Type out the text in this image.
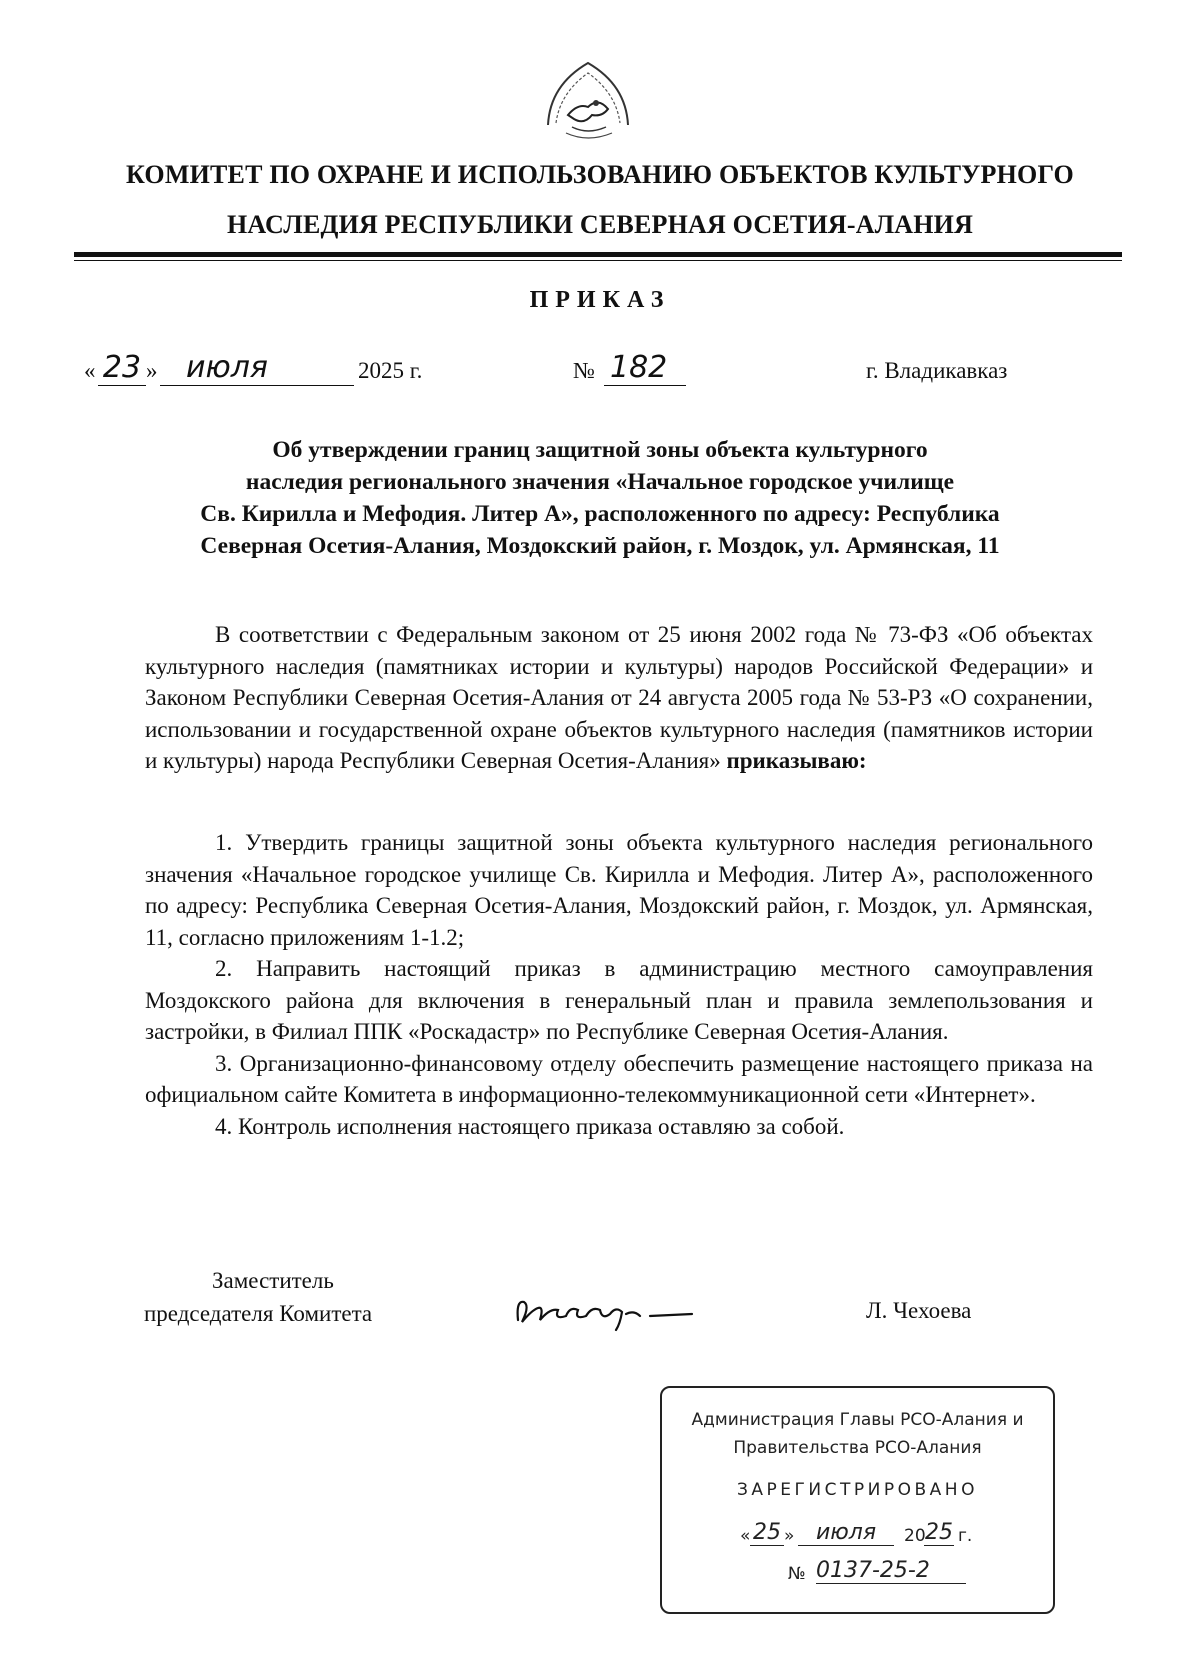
КОМИТЕТ ПО ОХРАНЕ И ИСПОЛЬЗОВАНИЮ ОБЪЕКТОВ КУЛЬТУРНОГО
НАСЛЕДИЯ РЕСПУБЛИКИ СЕВЕРНАЯ ОСЕТИЯ-АЛАНИЯ
ПРИКАЗ
« 23 » июля	2025 г.	№ 182	г. Владикавказ
Об утверждении границ защитной зоны объекта культурного
наследия регионального значения «Начальное городское училище
Св. Кирилла и Мефодия. Литер А», расположенного по адресу: Республика
Северная Осетия-Алания, Моздокский район, г. Моздок, ул. Армянская, 11
В соответствии с Федеральным законом от 25 июня 2002 года № 73-ФЗ «Об объектах культурного наследия (памятниках истории и культуры) народов Российской Федерации» и Законом Республики Северная Осетия-Алания от 24 августа 2005 года № 53-РЗ «О сохранении, использовании и государственной охране объектов культурного наследия (памятников истории и культуры) народа Республики Северная Осетия-Алания» приказываю:

1. Утвердить границы защитной зоны объекта культурного наследия регионального значения «Начальное городское училище Св. Кирилла и Мефодия. Литер А», расположенного по адресу: Республика Северная Осетия-Алания, Моздокский район, г. Моздок, ул. Армянская, 11, согласно приложениям 1-1.2;

2. Направить настоящий приказ в администрацию местного самоуправления Моздокского района для включения в генеральный план и правила землепользования и застройки, в Филиал ППК «Роскадастр» по Республике Северная Осетия-Алания.

3. Организационно-финансовому отделу обеспечить размещение настоящего приказа на официальном сайте Комитета в информационно-телекоммуникационной сети «Интернет».

4. Контроль исполнения настоящего приказа оставляю за собой.

Заместитель
председателя Комитета	Л. Чехоева
Администрация Главы РСО-Алания и
Правительства РСО-Алания
ЗАРЕГИСТРИРОВАНО
« 25 » июля	20 25 г.
№ 0137-25-2
